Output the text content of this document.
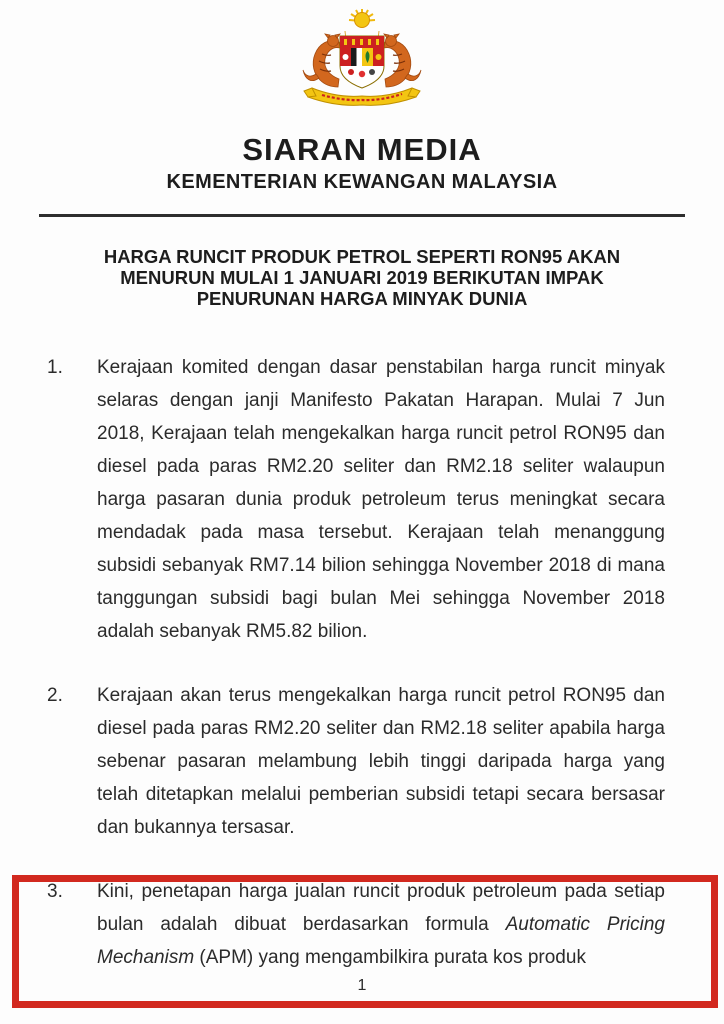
SIARAN MEDIA
KEMENTERIAN KEWANGAN MALAYSIA
HARGA RUNCIT PRODUK PETROL SEPERTI RON95 AKAN
MENURUN MULAI 1 JANUARI 2019 BERIKUTAN IMPAK
PENURUNAN HARGA MINYAK DUNIA
1.	Kerajaan komited dengan dasar penstabilan harga runcit minyak selaras dengan janji Manifesto Pakatan Harapan. Mulai 7 Jun 2018, Kerajaan telah mengekalkan harga runcit petrol RON95 dan diesel pada paras RM2.20 seliter dan RM2.18 seliter walaupun harga pasaran dunia produk petroleum terus meningkat secara mendadak pada masa tersebut. Kerajaan telah menanggung subsidi sebanyak RM7.14 bilion sehingga November 2018 di mana tanggungan subsidi bagi bulan Mei sehingga November 2018 adalah sebanyak RM5.82 bilion.
2.	Kerajaan akan terus mengekalkan harga runcit petrol RON95 dan diesel pada paras RM2.20 seliter dan RM2.18 seliter apabila harga sebenar pasaran melambung lebih tinggi daripada harga yang telah ditetapkan melalui pemberian subsidi tetapi secara bersasar dan bukannya tersasar.
3.	Kini, penetapan harga jualan runcit produk petroleum pada setiap bulan adalah dibuat berdasarkan formula Automatic Pricing Mechanism (APM) yang mengambilkira purata kos produk
1
